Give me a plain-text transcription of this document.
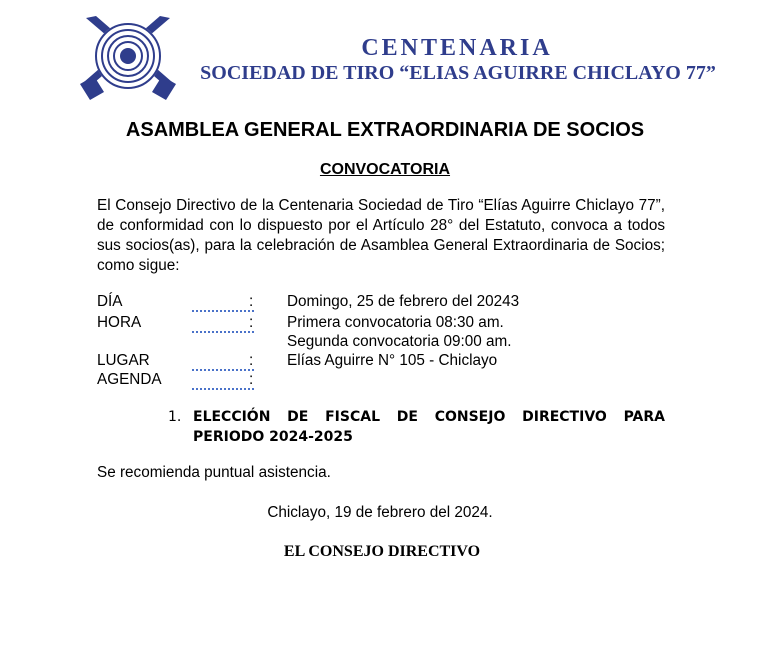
CENTENARIA
SOCIEDAD DE TIRO “ELIAS AGUIRRE CHICLAYO 77”
ASAMBLEA GENERAL EXTRAORDINARIA DE SOCIOS
CONVOCATORIA
El Consejo Directivo de la Centenaria Sociedad de Tiro “Elías Aguirre Chiclayo 77”, de conformidad con lo dispuesto por el Artículo 28° del Estatuto, convoca a todos sus socios(as), para la celebración de Asamblea General Extraordinaria de Socios; como sigue:
DÍA	: Domingo, 25 de febrero del 20243
HORA	: Primera convocatoria 08:30 am.
Segunda convocatoria 09:00 am.
LUGAR	: Elías Aguirre N° 105 - Chiclayo
AGENDA	:
1. ELECCIÓN DE FISCAL DE CONSEJO DIRECTIVO PARA PERIODO 2024-2025
Se recomienda puntual asistencia.
Chiclayo, 19 de febrero del 2024.
EL CONSEJO DIRECTIVO
